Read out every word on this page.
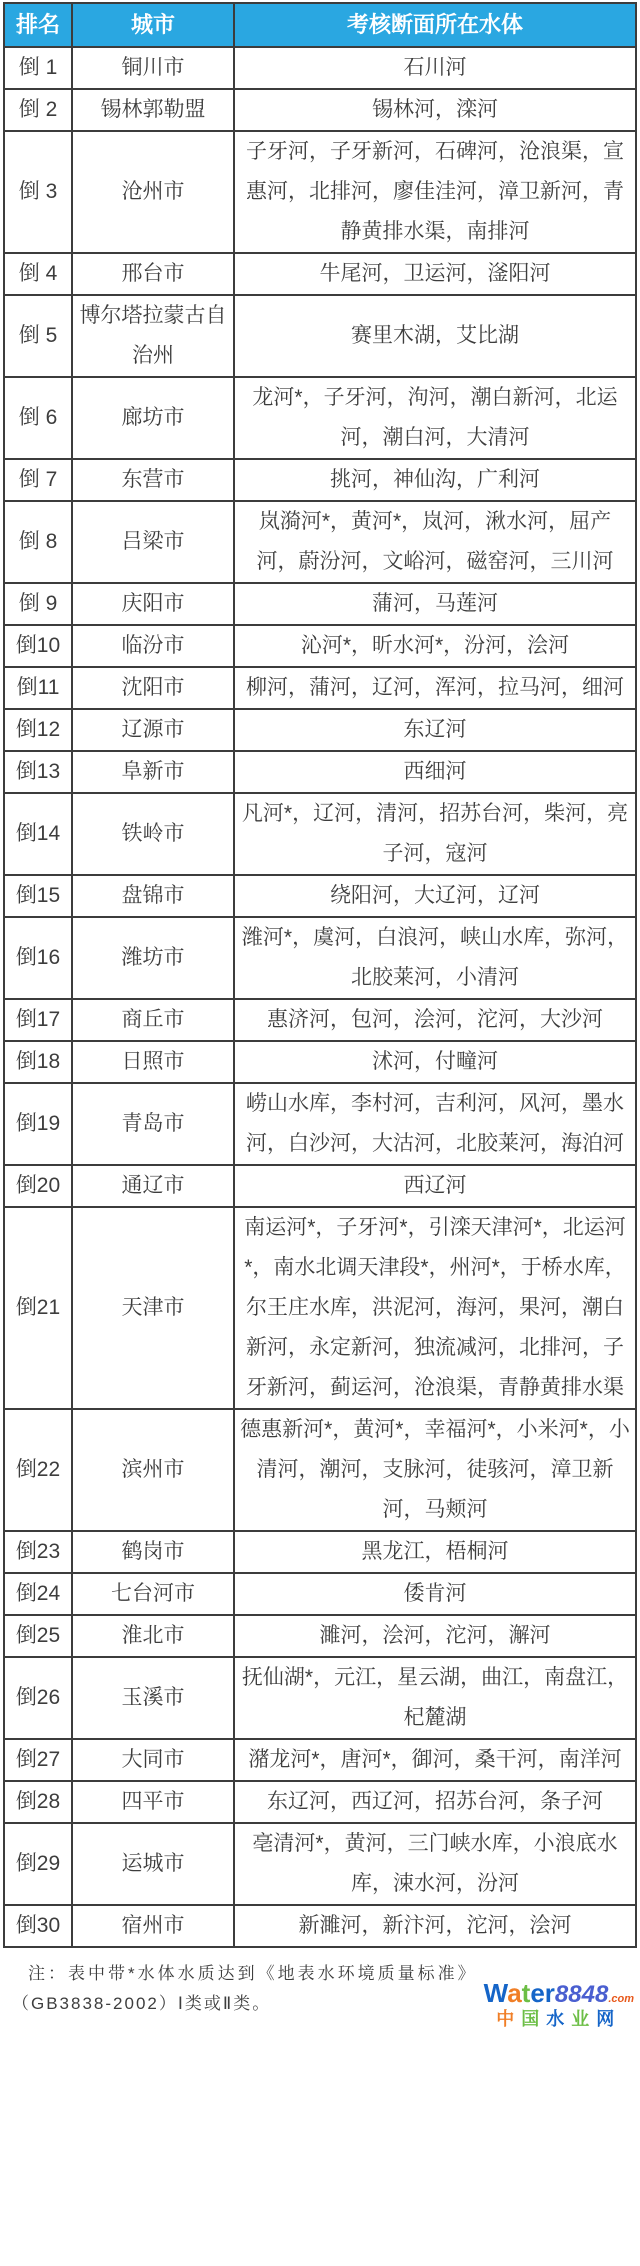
排名	城市	考核断面所在水体
倒 1	铜川市	石川河
倒 2	锡林郭勒盟	锡林河，滦河
倒 3	沧州市	子牙河，子牙新河，石碑河，沧浪渠，宣惠河，北排河，廖佳洼河，漳卫新河，青静黄排水渠，南排河
倒 4	邢台市	牛尾河，卫运河，滏阳河
倒 5	博尔塔拉蒙古自治州	赛里木湖，艾比湖
倒 6	廊坊市	龙河*，子牙河，泃河，潮白新河，北运河，潮白河，大清河
倒 7	东营市	挑河，神仙沟，广利河
倒 8	吕梁市	岚漪河*，黄河*，岚河，湫水河，屈产河，蔚汾河，文峪河，磁窑河，三川河
倒 9	庆阳市	蒲河，马莲河
倒10	临汾市	沁河*，昕水河*，汾河，浍河
倒11	沈阳市	柳河，蒲河，辽河，浑河，拉马河，细河
倒12	辽源市	东辽河
倒13	阜新市	西细河
倒14	铁岭市	凡河*，辽河，清河，招苏台河，柴河，亮子河，寇河
倒15	盘锦市	绕阳河，大辽河，辽河
倒16	潍坊市	潍河*，虞河，白浪河，峡山水库，弥河，北胶莱河，小清河
倒17	商丘市	惠济河，包河，浍河，沱河，大沙河
倒18	日照市	沭河，付疃河
倒19	青岛市	崂山水库，李村河，吉利河，风河，墨水河，白沙河，大沽河，北胶莱河，海泊河
倒20	通辽市	西辽河
倒21	天津市	南运河*，子牙河*，引滦天津河*，北运河*，南水北调天津段*，州河*，于桥水库，尔王庄水库，洪泥河，海河，果河，潮白新河，永定新河，独流减河，北排河，子牙新河，蓟运河，沧浪渠，青静黄排水渠
倒22	滨州市	德惠新河*，黄河*，幸福河*，小米河*，小清河，潮河，支脉河，徒骇河，漳卫新河，马颊河
倒23	鹤岗市	黑龙江，梧桐河
倒24	七台河市	倭肯河
倒25	淮北市	濉河，浍河，沱河，澥河
倒26	玉溪市	抚仙湖*，元江，星云湖，曲江，南盘江，杞麓湖
倒27	大同市	潴龙河*，唐河*，御河，桑干河，南洋河
倒28	四平市	东辽河，西辽河，招苏台河，条子河
倒29	运城市	亳清河*，黄河，三门峡水库，小浪底水库，涑水河，汾河
倒30	宿州市	新濉河，新汴河，沱河，浍河
注：表中带*水体水质达到《地表水环境质量标准》
（GB3838-2002）Ⅰ类或Ⅱ类。	Water8848.com
中国水业网
